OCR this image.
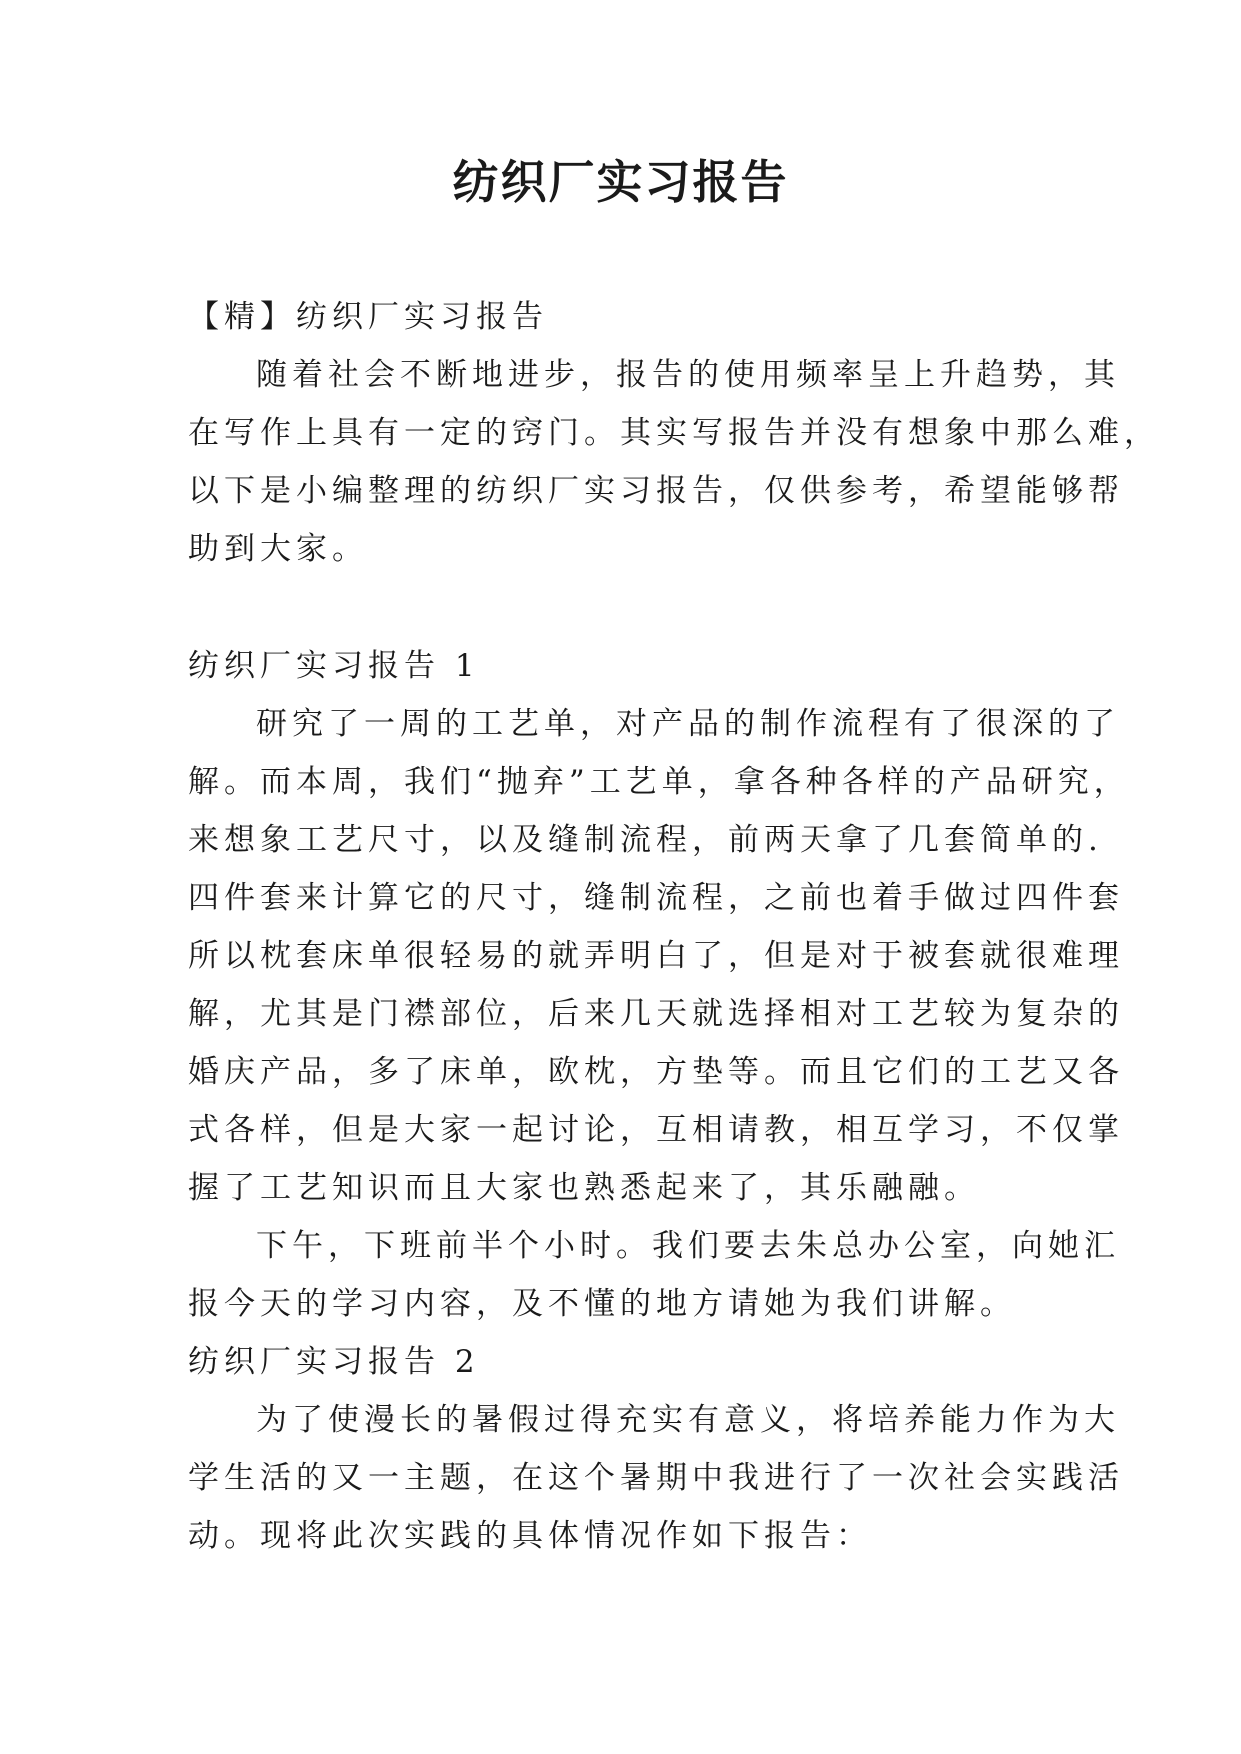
纺织厂实习报告

【精】纺织厂实习报告

随着社会不断地进步，报告的使用频率呈上升趋势，其
在写作上具有一定的窍门。其实写报告并没有想象中那么难，
以下是小编整理的纺织厂实习报告，仅供参考，希望能够帮
助到大家。

纺织厂实习报告 1

研究了一周的工艺单，对产品的制作流程有了很深的了
解。而本周，我们“抛弃”工艺单，拿各种各样的产品研究，
来想象工艺尺寸，以及缝制流程，前两天拿了几套简单的.
四件套来计算它的尺寸，缝制流程，之前也着手做过四件套
所以枕套床单很轻易的就弄明白了，但是对于被套就很难理
解，尤其是门襟部位，后来几天就选择相对工艺较为复杂的
婚庆产品，多了床单，欧枕，方垫等。而且它们的工艺又各
式各样，但是大家一起讨论，互相请教，相互学习，不仅掌
握了工艺知识而且大家也熟悉起来了，其乐融融。
下午，下班前半个小时。我们要去朱总办公室，向她汇
报今天的学习内容，及不懂的地方请她为我们讲解。

纺织厂实习报告 2

为了使漫长的暑假过得充实有意义，将培养能力作为大
学生活的又一主题，在这个暑期中我进行了一次社会实践活
动。现将此次实践的具体情况作如下报告：
